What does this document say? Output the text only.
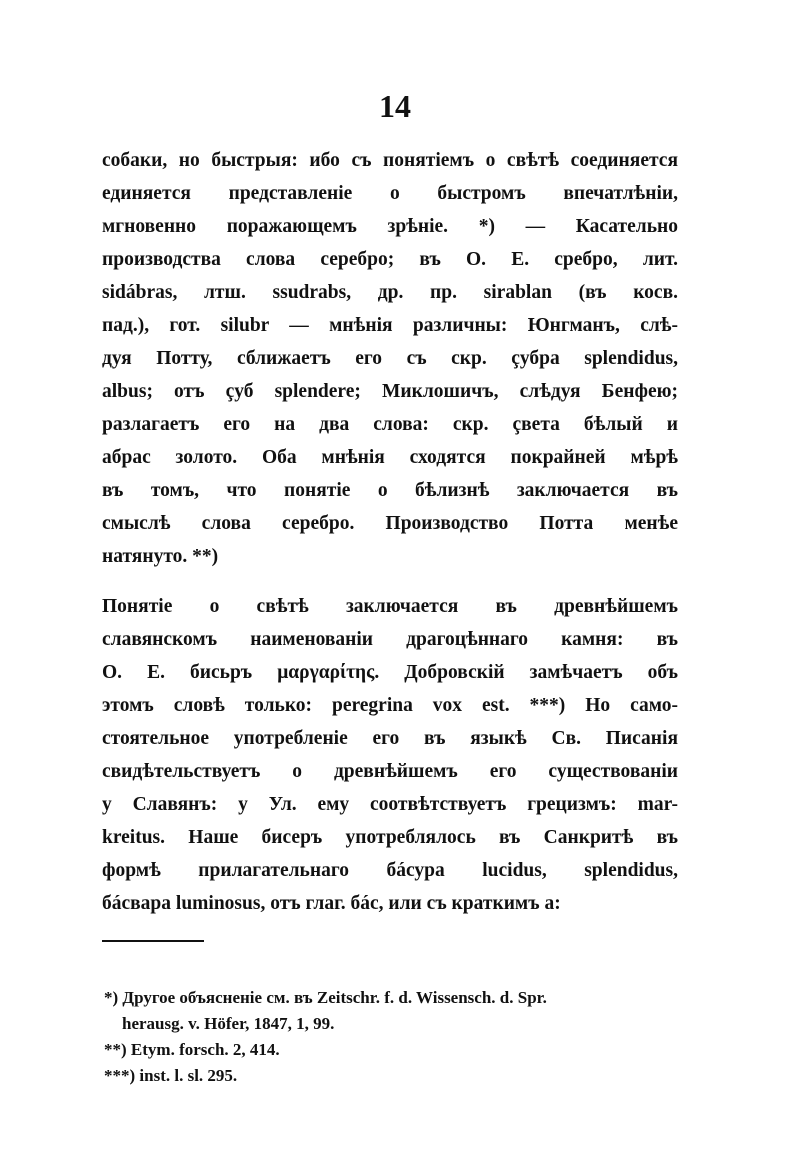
14
собаки, но быстрыя: ибо съ понятіемъ о свѣтѣ соединяется
единяется представленіе о быстромъ впечатлѣніи,
мгновенно поражающемъ зрѣніе. *) — Касательно
производства слова серебро; въ О. Е. сребро, лит.
sidábras, лтш. ssudrabs, др. пр. sirablan (въ косв.
пад.), гот. silubr — мнѣнія различны: Юнгманъ, слѣ-
дуя Потту, сближаетъ его съ скр. çубра splendidus,
albus; отъ çуб splendere; Миклошичъ, слѣдуя Бенфею;
разлагаетъ его на два слова: скр. çвета бѣлый и
абрас золото. Оба мнѣнія сходятся покрайней мѣрѣ
въ томъ, что понятіе о бѣлизнѣ заключается въ
смыслѣ слова серебро. Производство Потта менѣе
натянуто. **)
Понятіе о свѣтѣ заключается въ древнѣйшемъ
славянскомъ наименованіи драгоцѣннаго камня: въ
О. Е. бисьръ μαργαρίτης. Добровскій замѣчаетъ объ
этомъ словѣ только: peregrina vox est. ***) Но само-
стоятельное употребленіе его въ языкѣ Св. Писанія
свидѣтельствуетъ о древнѣйшемъ его существованіи
у Славянъ: у Ул. ему соотвѣтствуетъ грецизмъ: mar-
kreitus. Наше бисеръ употреблялось въ Санкритѣ въ
формѣ прилагательнаго бáсура lucidus, splendidus,
бáсвара luminosus, отъ глаг. бáс, или съ краткимъ а:
*) Другое объясненіе см. въ Zeitschr. f. d. Wissensch. d. Spr.
herausg. v. Höfer, 1847, 1, 99.
**) Etym. forsch. 2, 414.
***) inst. l. sl. 295.
